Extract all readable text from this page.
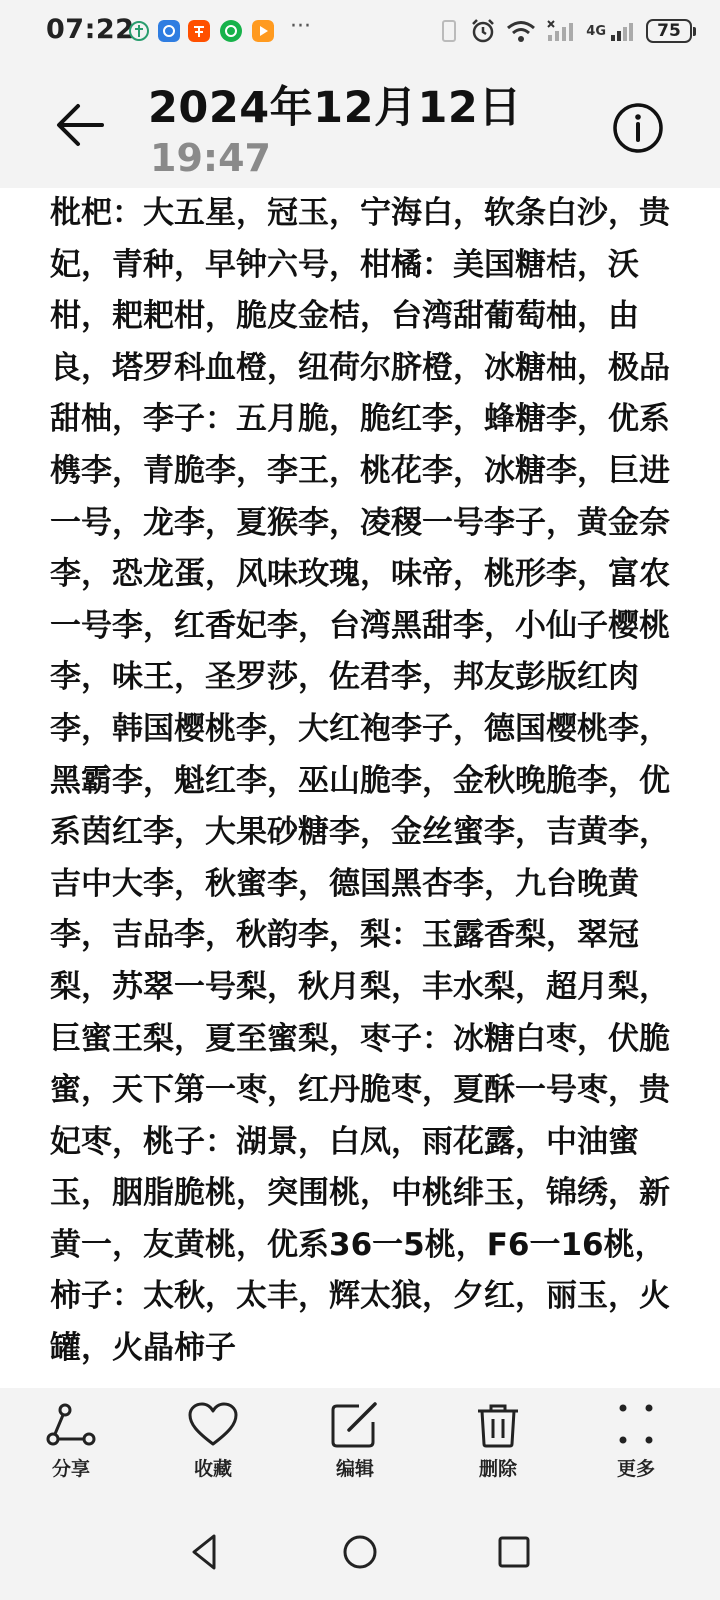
07:22	···	4G	75
2024年12月12日
19:47

枇杷：大五星，冠玉，宁海白，软条白沙，贵妃，青种，早钟六号，柑橘：美国糖桔，沃柑，耙耙柑，脆皮金桔，台湾甜葡萄柚，由良，塔罗科血橙，纽荷尔脐橙，冰糖柚，极品甜柚，李子：五月脆，脆红李，蜂糖李，优系槜李，青脆李，李王，桃花李，冰糖李，巨进一号，龙李，夏猴李，凌稷一号李子，黄金奈李，恐龙蛋，风味玫瑰，味帝，桃形李，富农一号李，红香妃李，台湾黑甜李，小仙子樱桃李，味王，圣罗莎，佐君李，邦友彭版红肉李，韩国樱桃李，大红袍李子，德国樱桃李，黑霸李，魁红李，巫山脆李，金秋晚脆李，优系茵红李，大果砂糖李，金丝蜜李，吉黄李，吉中大李，秋蜜李，德国黑杏李，九台晚黄李，吉品李，秋韵李，梨：玉露香梨，翠冠梨，苏翠一号梨，秋月梨，丰水梨，超月梨，巨蜜王梨，夏至蜜梨，枣子：冰糖白枣，伏脆蜜，天下第一枣，红丹脆枣，夏酥一号枣，贵妃枣，桃子：湖景，白凤，雨花露，中油蜜玉，胭脂脆桃，突围桃，中桃绯玉，锦绣，新黄一，友黄桃，优系36一5桃，F6一16桃，柿子：太秋，太丰，辉太狼，夕红，丽玉，火罐，火晶柿子

分享	收藏	编辑	删除	更多
